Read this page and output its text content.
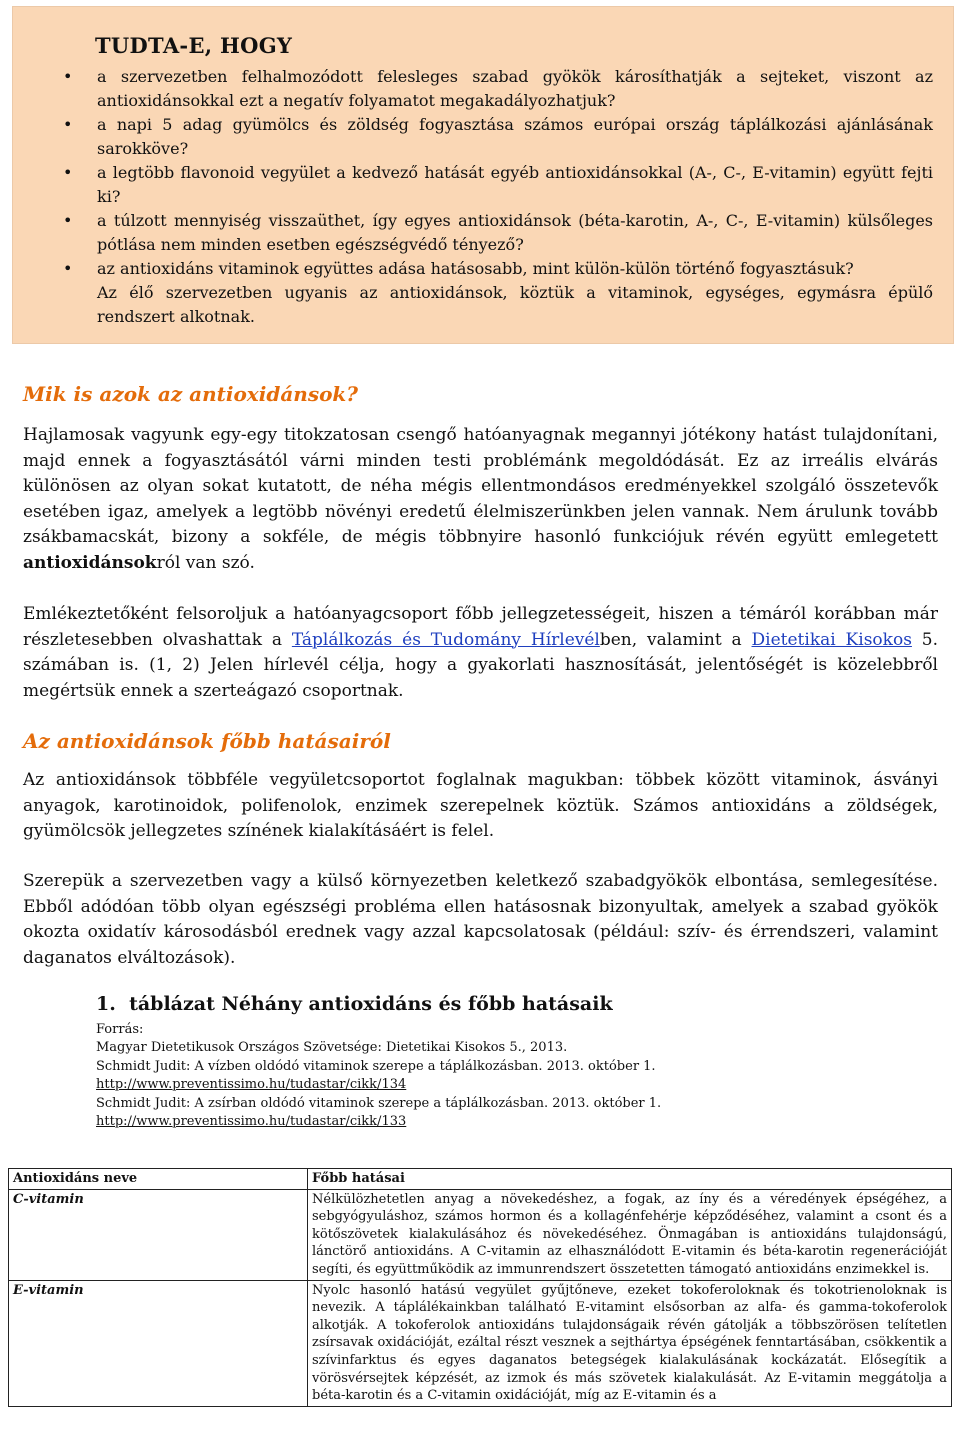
TUDTA-E, HOGY
• a szervezetben felhalmozódott felesleges szabad gyökök károsíthatják a sejteket, viszont az antioxidánsokkal ezt a negatív folyamatot megakadályozhatjuk?
• a napi 5 adag gyümölcs és zöldség fogyasztása számos európai ország táplálkozási ajánlásának sarokköve?
• a legtöbb flavonoid vegyület a kedvező hatását egyéb antioxidánsokkal (A-, C-, E-vitamin) együtt fejti ki?
• a túlzott mennyiség visszaüthet, így egyes antioxidánsok (béta-karotin, A-, C-, E-vitamin) külsőleges pótlása nem minden esetben egészségvédő tényező?
• az antioxidáns vitaminok együttes adása hatásosabb, mint külön-külön történő fogyasztásuk?
Az élő szervezetben ugyanis az antioxidánsok, köztük a vitaminok, egységes, egymásra épülő rendszert alkotnak.
Mik is azok az antioxidánsok?
Hajlamosak vagyunk egy-egy titokzatosan csengő hatóanyagnak megannyi jótékony hatást tulajdonítani, majd ennek a fogyasztásától várni minden testi problémánk megoldódását. Ez az irreális elvárás különösen az olyan sokat kutatott, de néha mégis ellentmondásos eredményekkel szolgáló összetevők esetében igaz, amelyek a legtöbb növényi eredetű élelmiszerünkben jelen vannak. Nem árulunk tovább zsákbamacskát, bizony a sokféle, de mégis többnyire hasonló funkciójuk révén együtt emlegetett antioxidánsokról van szó.
Emlékeztetőként felsoroljuk a hatóanyagcsoport főbb jellegzetességeit, hiszen a témáról korábban már részletesebben olvashattak a Táplálkozás és Tudomány Hírlevélben, valamint a Dietetikai Kisokos 5. számában is. (1, 2) Jelen hírlevél célja, hogy a gyakorlati hasznosítását, jelentőségét is közelebbről megértsük ennek a szerteágazó csoportnak.
Az antioxidánsok főbb hatásairól
Az antioxidánsok többféle vegyületcsoportot foglalnak magukban: többek között vitaminok, ásványi anyagok, karotinoidok, polifenolok, enzimek szerepelnek köztük. Számos antioxidáns a zöldségek, gyümölcsök jellegzetes színének kialakításáért is felel.
Szerepük a szervezetben vagy a külső környezetben keletkező szabadgyökök elbontása, semlegesítése. Ebből adódóan több olyan egészségi probléma ellen hatásosnak bizonyultak, amelyek a szabad gyökök okozta oxidatív károsodásból erednek vagy azzal kapcsolatosak (például: szív- és érrendszeri, valamint daganatos elváltozások).
1. táblázat Néhány antioxidáns és főbb hatásaik
Forrás:
Magyar Dietetikusok Országos Szövetsége: Dietetikai Kisokos 5., 2013.
Schmidt Judit: A vízben oldódó vitaminok szerepe a táplálkozásban. 2013. október 1.
http://www.preventissimo.hu/tudastar/cikk/134
Schmidt Judit: A zsírban oldódó vitaminok szerepe a táplálkozásban. 2013. október 1.
http://www.preventissimo.hu/tudastar/cikk/133
Antioxidáns neve	Főbb hatásai
C-vitamin	Nélkülözhetetlen anyag a növekedéshez, a fogak, az íny és a véredények épségéhez, a sebgyógyuláshoz, számos hormon és a kollagénfehérje képződéséhez, valamint a csont és a kötőszövetek kialakulásához és növekedéséhez. Önmagában is antioxidáns tulajdonságú, lánctörő antioxidáns. A C-vitamin az elhasználódott E-vitamin és béta-karotin regenerációját segíti, és együttműködik az immunrendszert összetetten támogató antioxidáns enzimekkel is.
E-vitamin	Nyolc hasonló hatású vegyület gyűjtőneve, ezeket tokoferoloknak és tokotrienoloknak is nevezik. A táplálékainkban található E-vitamint elsősorban az alfa- és gamma-tokoferolok alkotják. A tokoferolok antioxidáns tulajdonságaik révén gátolják a többszörösen telítetlen zsírsavak oxidációját, ezáltal részt vesznek a sejthártya épségének fenntartásában, csökkentik a szívinfarktus és egyes daganatos betegségek kialakulásának kockázatát. Elősegítik a vörösvérsejtek képzését, az izmok és más szövetek kialakulását. Az E-vitamin meggátolja a béta-karotin és a C-vitamin oxidációját, míg az E-vitamin és a
